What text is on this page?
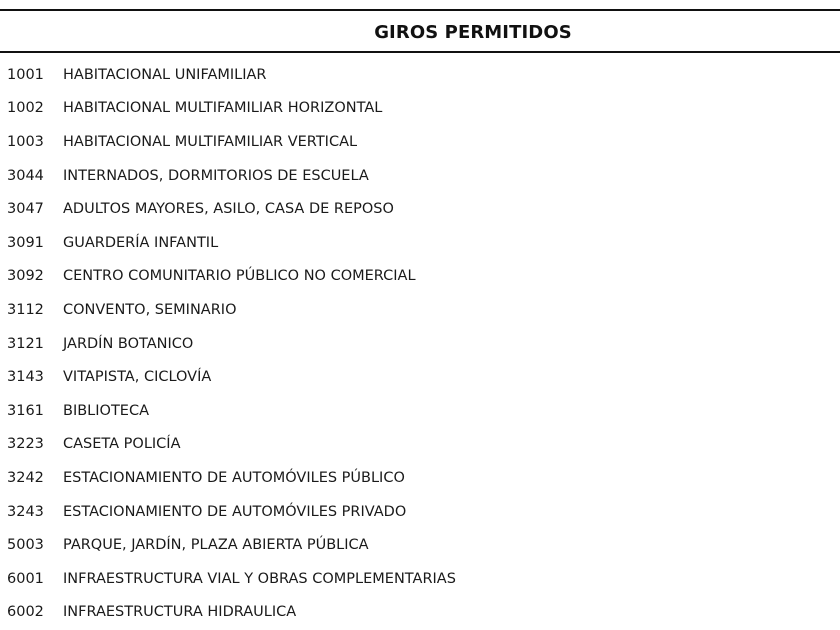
GIROS PERMITIDOS
1001	HABITACIONAL UNIFAMILIAR
1002	HABITACIONAL MULTIFAMILIAR HORIZONTAL
1003	HABITACIONAL MULTIFAMILIAR VERTICAL
3044	INTERNADOS, DORMITORIOS DE ESCUELA
3047	ADULTOS MAYORES, ASILO, CASA DE REPOSO
3091	GUARDERÍA INFANTIL
3092	CENTRO COMUNITARIO PÚBLICO NO COMERCIAL
3112	CONVENTO, SEMINARIO
3121	JARDÍN BOTANICO
3143	VITAPISTA, CICLOVÍA
3161	BIBLIOTECA
3223	CASETA POLICÍA
3242	ESTACIONAMIENTO DE AUTOMÓVILES PÚBLICO
3243	ESTACIONAMIENTO DE AUTOMÓVILES PRIVADO
5003	PARQUE, JARDÍN, PLAZA ABIERTA PÚBLICA
6001	INFRAESTRUCTURA VIAL Y OBRAS COMPLEMENTARIAS
6002	INFRAESTRUCTURA HIDRAULICA
